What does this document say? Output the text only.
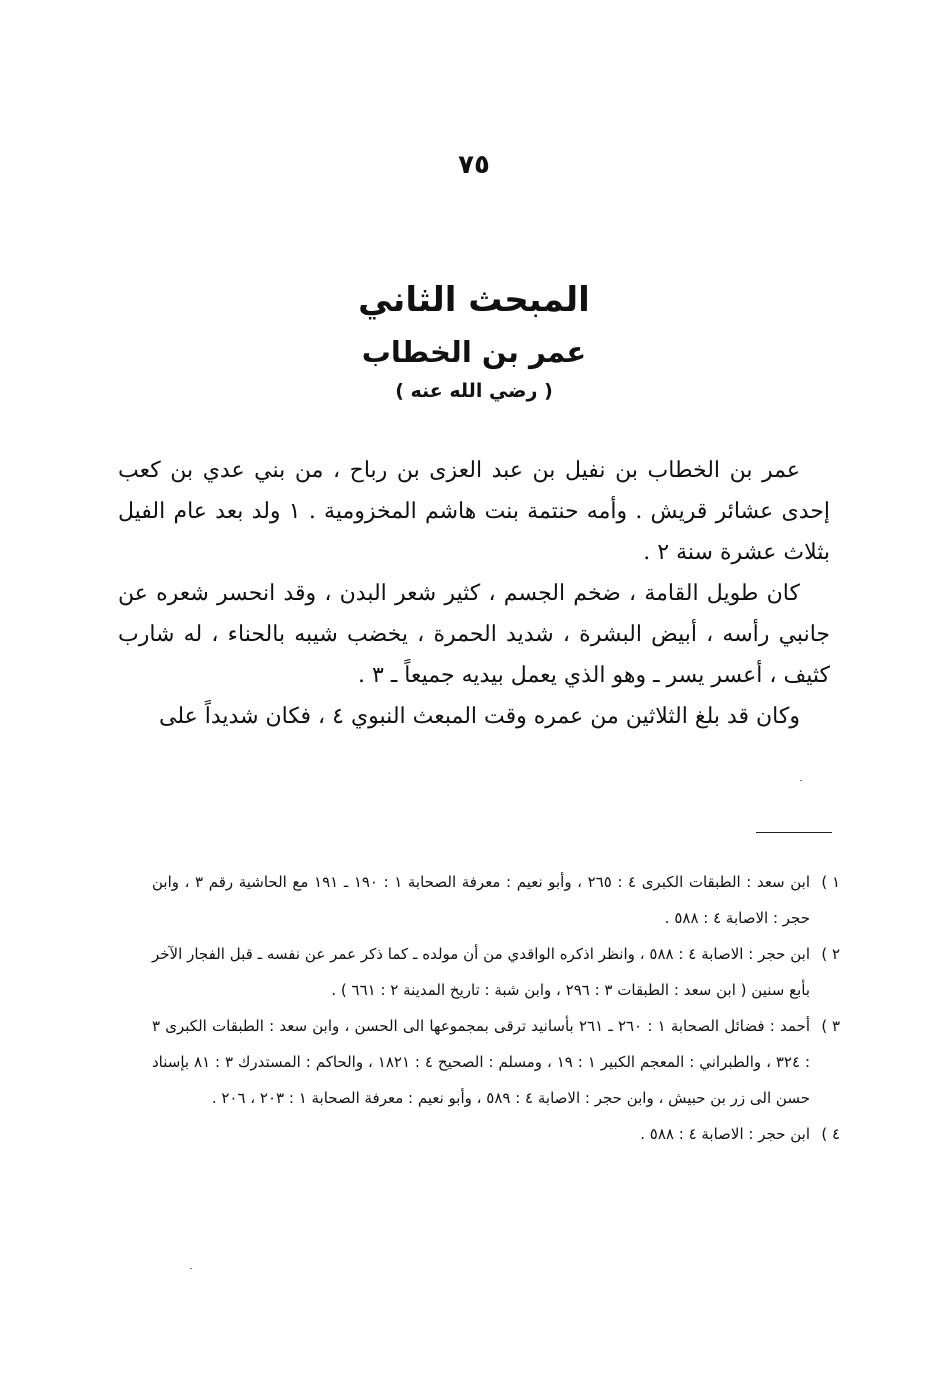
٧٥
المبحث الثاني
عمر بن الخطاب
( رضي الله عنه )

عمر بن الخطاب بن نفيل بن عبد العزى بن رباح ، من بني عدي بن كعب إحدى عشائر قريش . وأمه حنتمة بنت هاشم المخزومية . ١ ولد بعد عام الفيل بثلاث عشرة سنة ٢ .

كان طويل القامة ، ضخم الجسم ، كثير شعر البدن ، وقد انحسر شعره عن جانبي رأسه ، أبيض البشرة ، شديد الحمرة ، يخضب شيبه بالحناء ، له شارب كثيف ، أعسر يسر ـ وهو الذي يعمل بيديه جميعاً ـ ٣ .

وكان قد بلغ الثلاثين من عمره وقت المبعث النبوي ٤ ، فكان شديداً على

١ )
ابن سعد : الطبقات الكبرى ٤ : ٢٦٥ ، وأبو نعيم : معرفة الصحابة ١ : ١٩٠ ـ ١٩١ مع الحاشية رقم ٣ ، وابن حجر : الاصابة ٤ : ٥٨٨ .
٢ )
ابن حجر : الاصابة ٤ : ٥٨٨ ، وانظر اذكره الواقدي من أن مولده ـ كما ذكر عمر عن نفسه ـ قبل الفجار الآخر بأبع سنين ( ابن سعد : الطبقات ٣ : ٢٩٦ ، وابن شبة : تاريخ المدينة ٢ : ٦٦١ ) .
٣ )
أحمد : فضائل الصحابة ١ : ٢٦٠ ـ ٢٦١ بأسانيد ترقى بمجموعها الى الحسن ، وابن سعد : الطبقات الكبرى ٣ : ٣٢٤ ، والطبراني : المعجم الكبير ١ : ١٩ ، ومسلم : الصحيح ٤ : ١٨٢١ ، والحاكم : المستدرك ٣ : ٨١ بإسناد حسن الى زر بن حبيش ، وابن حجر : الاصابة ٤ : ٥٨٩ ، وأبو نعيم : معرفة الصحابة ١ : ٢٠٣ ، ٢٠٦ .
٤ )
ابن حجر : الاصابة ٤ : ٥٨٨ .
